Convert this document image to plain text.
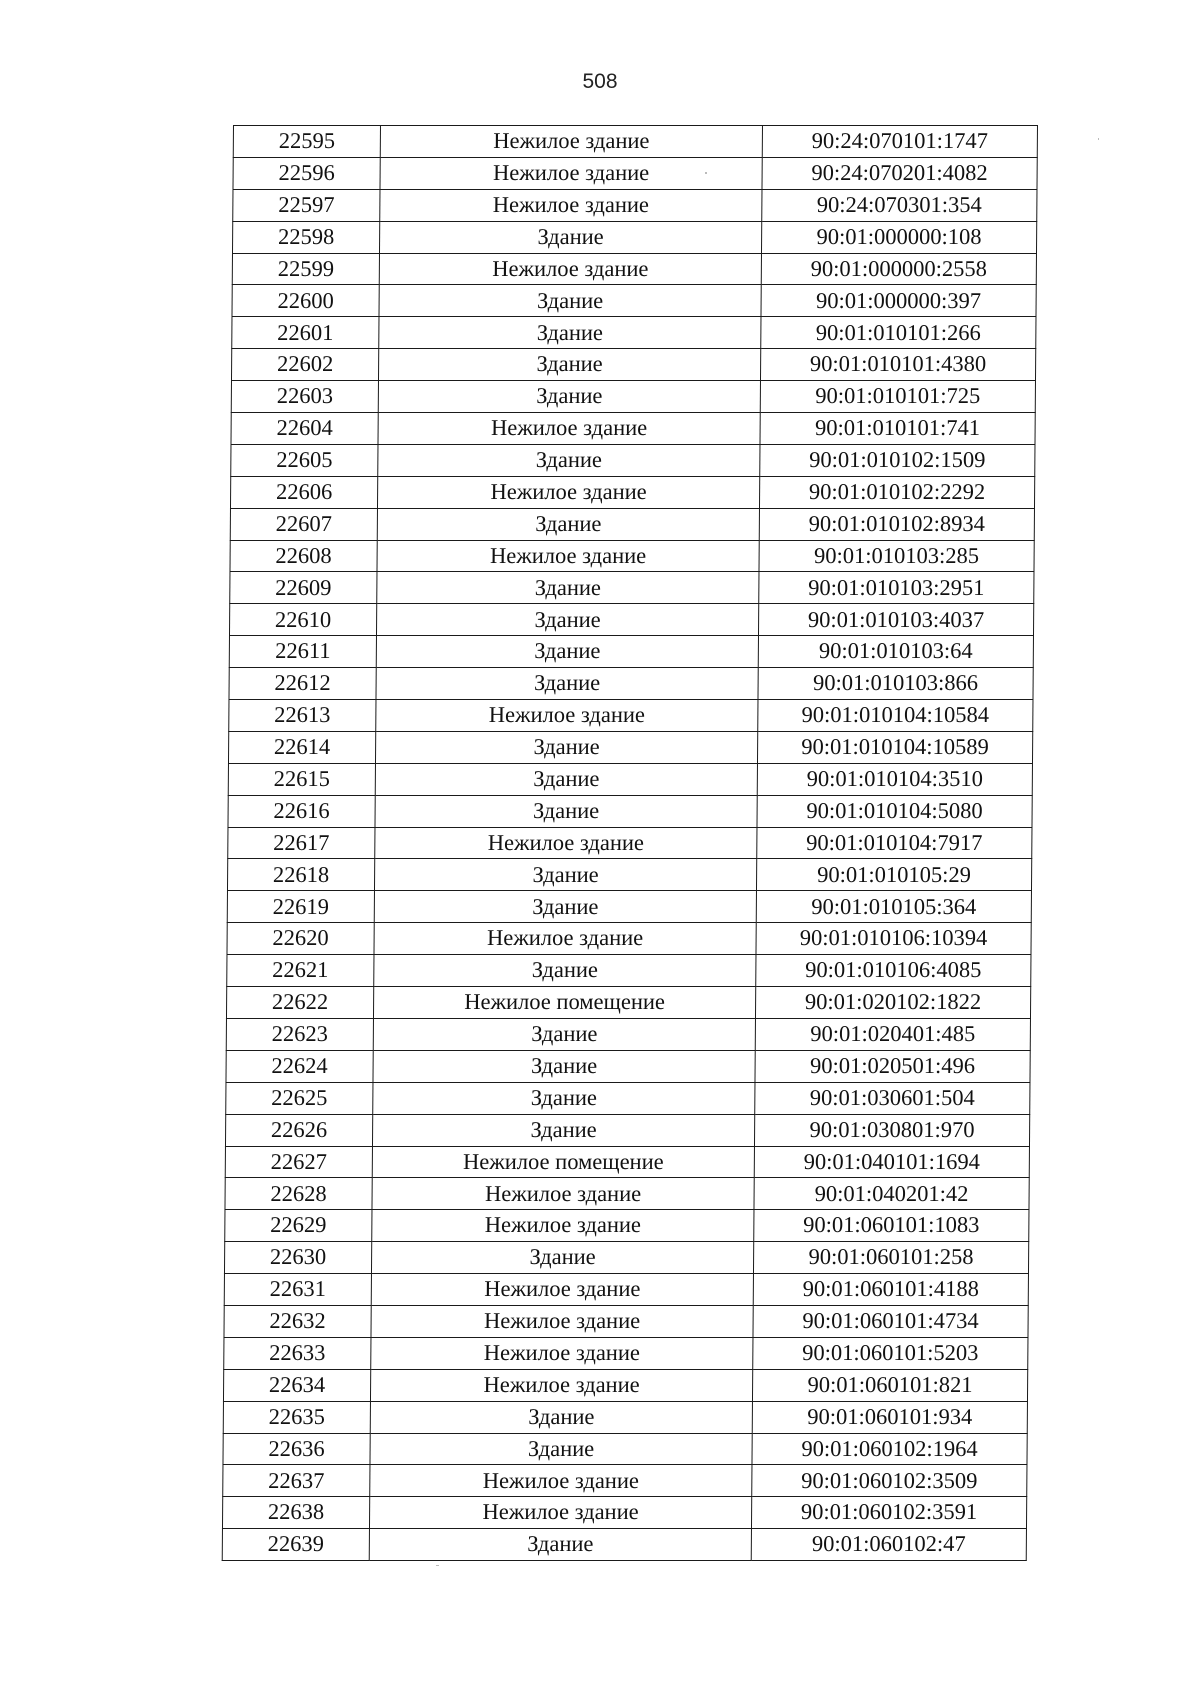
508
22595	Нежилое здание	90:24:070101:1747
22596	Нежилое здание	90:24:070201:4082
22597	Нежилое здание	90:24:070301:354
22598	Здание	90:01:000000:108
22599	Нежилое здание	90:01:000000:2558
22600	Здание	90:01:000000:397
22601	Здание	90:01:010101:266
22602	Здание	90:01:010101:4380
22603	Здание	90:01:010101:725
22604	Нежилое здание	90:01:010101:741
22605	Здание	90:01:010102:1509
22606	Нежилое здание	90:01:010102:2292
22607	Здание	90:01:010102:8934
22608	Нежилое здание	90:01:010103:285
22609	Здание	90:01:010103:2951
22610	Здание	90:01:010103:4037
22611	Здание	90:01:010103:64
22612	Здание	90:01:010103:866
22613	Нежилое здание	90:01:010104:10584
22614	Здание	90:01:010104:10589
22615	Здание	90:01:010104:3510
22616	Здание	90:01:010104:5080
22617	Нежилое здание	90:01:010104:7917
22618	Здание	90:01:010105:29
22619	Здание	90:01:010105:364
22620	Нежилое здание	90:01:010106:10394
22621	Здание	90:01:010106:4085
22622	Нежилое помещение	90:01:020102:1822
22623	Здание	90:01:020401:485
22624	Здание	90:01:020501:496
22625	Здание	90:01:030601:504
22626	Здание	90:01:030801:970
22627	Нежилое помещение	90:01:040101:1694
22628	Нежилое здание	90:01:040201:42
22629	Нежилое здание	90:01:060101:1083
22630	Здание	90:01:060101:258
22631	Нежилое здание	90:01:060101:4188
22632	Нежилое здание	90:01:060101:4734
22633	Нежилое здание	90:01:060101:5203
22634	Нежилое здание	90:01:060101:821
22635	Здание	90:01:060101:934
22636	Здание	90:01:060102:1964
22637	Нежилое здание	90:01:060102:3509
22638	Нежилое здание	90:01:060102:3591
22639	Здание	90:01:060102:47
